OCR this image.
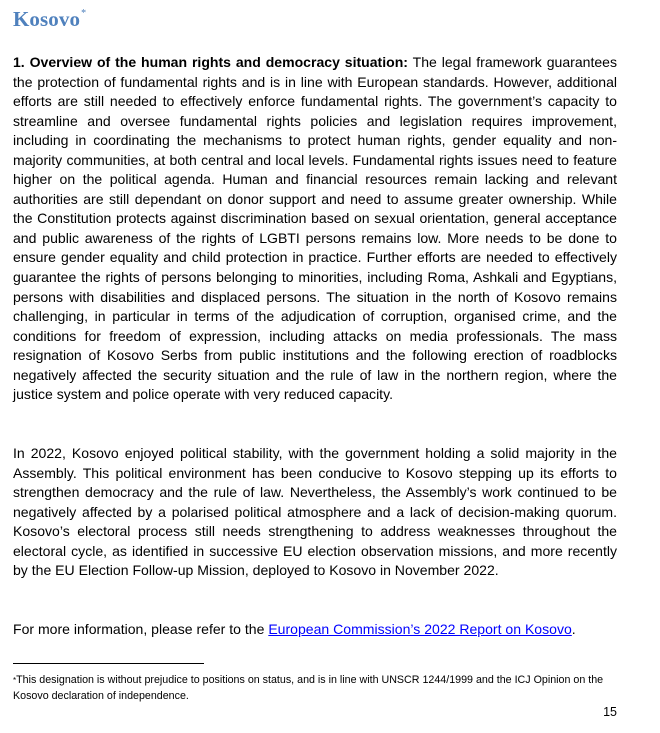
Kosovo*

1. Overview of the human rights and democracy situation: The legal framework guarantees the protection of fundamental rights and is in line with European standards. However, additional efforts are still needed to effectively enforce fundamental rights. The government’s capacity to streamline and oversee fundamental rights policies and legislation requires improvement, including in coordinating the mechanisms to protect human rights, gender equality and non-majority communities, at both central and local levels. Fundamental rights issues need to feature higher on the political agenda. Human and financial resources remain lacking and relevant authorities are still dependant on donor support and need to assume greater ownership. While the Constitution protects against discrimination based on sexual orientation, general acceptance and public awareness of the rights of LGBTI persons remains low. More needs to be done to ensure gender equality and child protection in practice. Further efforts are needed to effectively guarantee the rights of persons belonging to minorities, including Roma, Ashkali and Egyptians, persons with disabilities and displaced persons. The situation in the north of Kosovo remains challenging, in particular in terms of the adjudication of corruption, organised crime, and the conditions for freedom of expression, including attacks on media professionals. The mass resignation of Kosovo Serbs from public institutions and the following erection of roadblocks negatively affected the security situation and the rule of law in the northern region, where the justice system and police operate with very reduced capacity.

In 2022, Kosovo enjoyed political stability, with the government holding a solid majority in the Assembly. This political environment has been conducive to Kosovo stepping up its efforts to strengthen democracy and the rule of law. Nevertheless, the Assembly’s work continued to be negatively affected by a polarised political atmosphere and a lack of decision-making quorum. Kosovo’s electoral process still needs strengthening to address weaknesses throughout the electoral cycle, as identified in successive EU election observation missions, and more recently by the EU Election Follow-up Mission, deployed to Kosovo in November 2022.

For more information, please refer to the European Commission’s 2022 Report on Kosovo.

*This designation is without prejudice to positions on status, and is in line with UNSCR 1244/1999 and the ICJ Opinion on the Kosovo declaration of independence.

15
